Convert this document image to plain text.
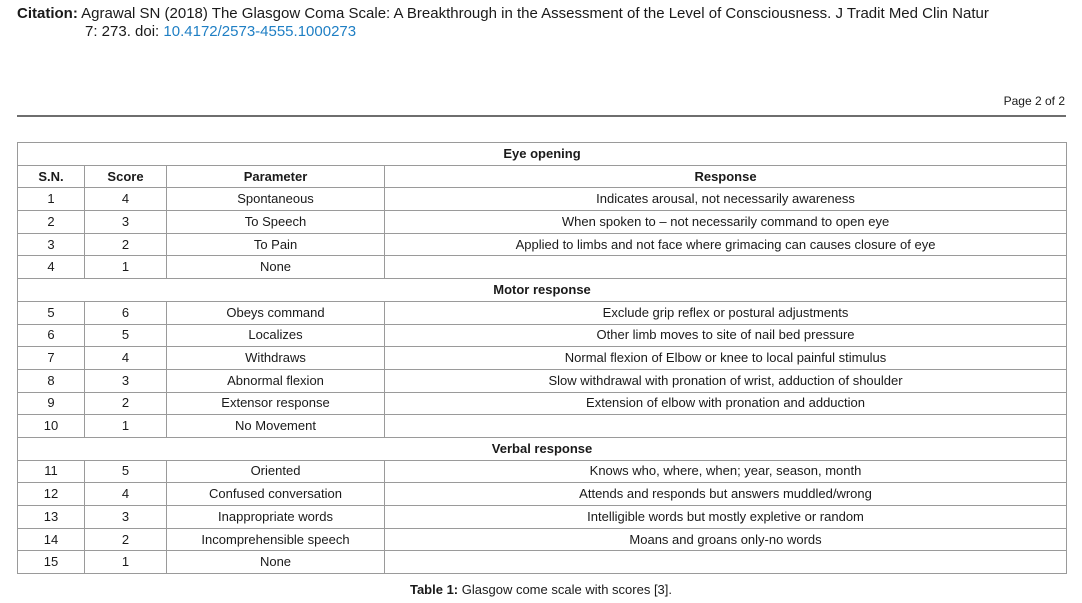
Citation: Agrawal SN (2018) The Glasgow Coma Scale: A Breakthrough in the Assessment of the Level of Consciousness. J Tradit Med Clin Natur
7: 273. doi: 10.4172/2573-4555.1000273
Page 2 of 2
Eye opening			
S.N.	Score	Parameter	Response
1	4	Spontaneous	Indicates arousal, not necessarily awareness
2	3	To Speech	When spoken to – not necessarily command to open eye
3	2	To Pain	Applied to limbs and not face where grimacing can causes closure of eye
4	1	None	
Motor response			
5	6	Obeys command	Exclude grip reflex or postural adjustments
6	5	Localizes	Other limb moves to site of nail bed pressure
7	4	Withdraws	Normal flexion of Elbow or knee to local painful stimulus
8	3	Abnormal flexion	Slow withdrawal with pronation of wrist, adduction of shoulder
9	2	Extensor response	Extension of elbow with pronation and adduction
10	1	No Movement	
Verbal response			
11	5	Oriented	Knows who, where, when; year, season, month
12	4	Confused conversation	Attends and responds but answers muddled/wrong
13	3	Inappropriate words	Intelligible words but mostly expletive or random
14	2	Incomprehensible speech	Moans and groans only-no words
15	1	None	
Table 1: Glasgow come scale with scores [3].
